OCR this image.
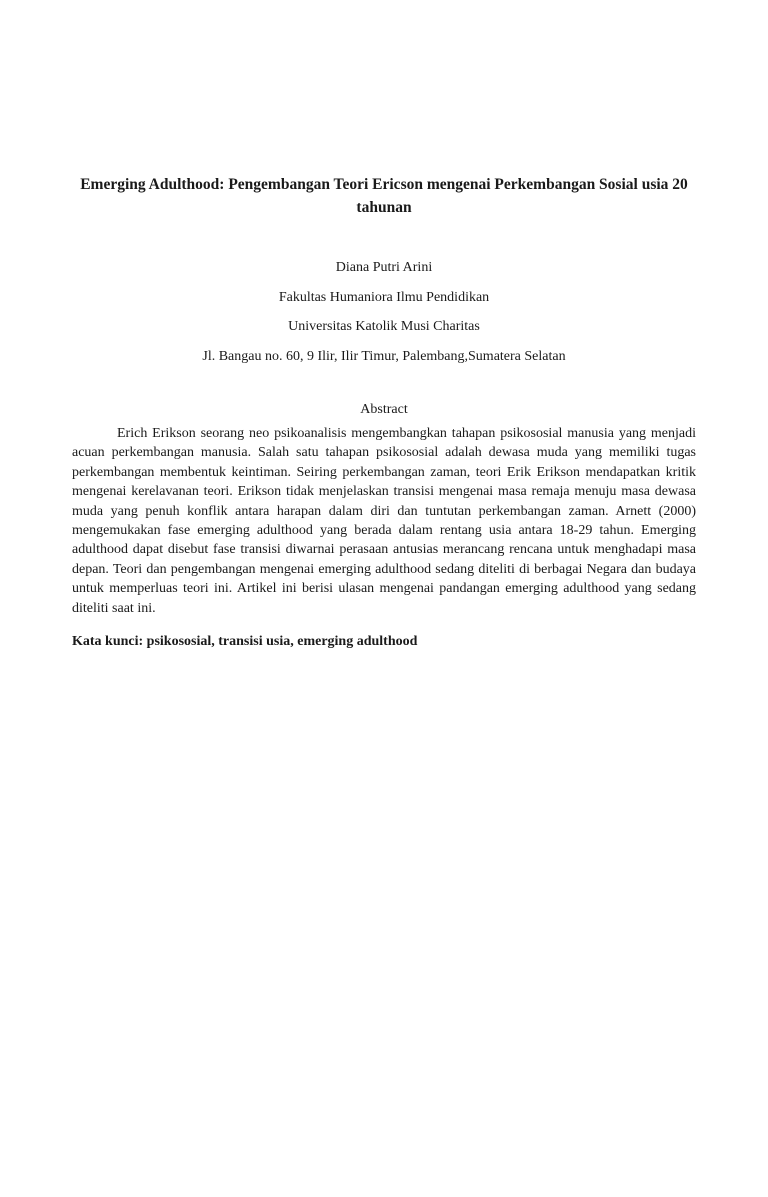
Emerging Adulthood: Pengembangan Teori Ericson mengenai Perkembangan Sosial usia 20 tahunan
Diana Putri Arini
Fakultas Humaniora Ilmu Pendidikan
Universitas Katolik Musi Charitas
Jl. Bangau no. 60, 9 Ilir, Ilir Timur, Palembang,Sumatera Selatan
Abstract

Erich Erikson seorang neo psikoanalisis mengembangkan tahapan psikososial manusia yang menjadi acuan perkembangan manusia. Salah satu tahapan psikososial adalah dewasa muda yang memiliki tugas perkembangan membentuk keintiman. Seiring perkembangan zaman, teori Erik Erikson mendapatkan kritik mengenai kerelavanan teori. Erikson tidak menjelaskan transisi mengenai masa remaja menuju masa dewasa muda yang penuh konflik antara harapan dalam diri dan tuntutan perkembangan zaman. Arnett (2000) mengemukakan fase emerging adulthood yang berada dalam rentang usia antara 18-29 tahun. Emerging adulthood dapat disebut fase transisi diwarnai perasaan antusias merancang rencana untuk menghadapi masa depan. Teori dan pengembangan mengenai emerging adulthood sedang diteliti di berbagai Negara dan budaya untuk memperluas teori ini. Artikel ini berisi ulasan mengenai pandangan emerging adulthood yang sedang diteliti saat ini.

Kata kunci: psikososial, transisi usia, emerging adulthood
